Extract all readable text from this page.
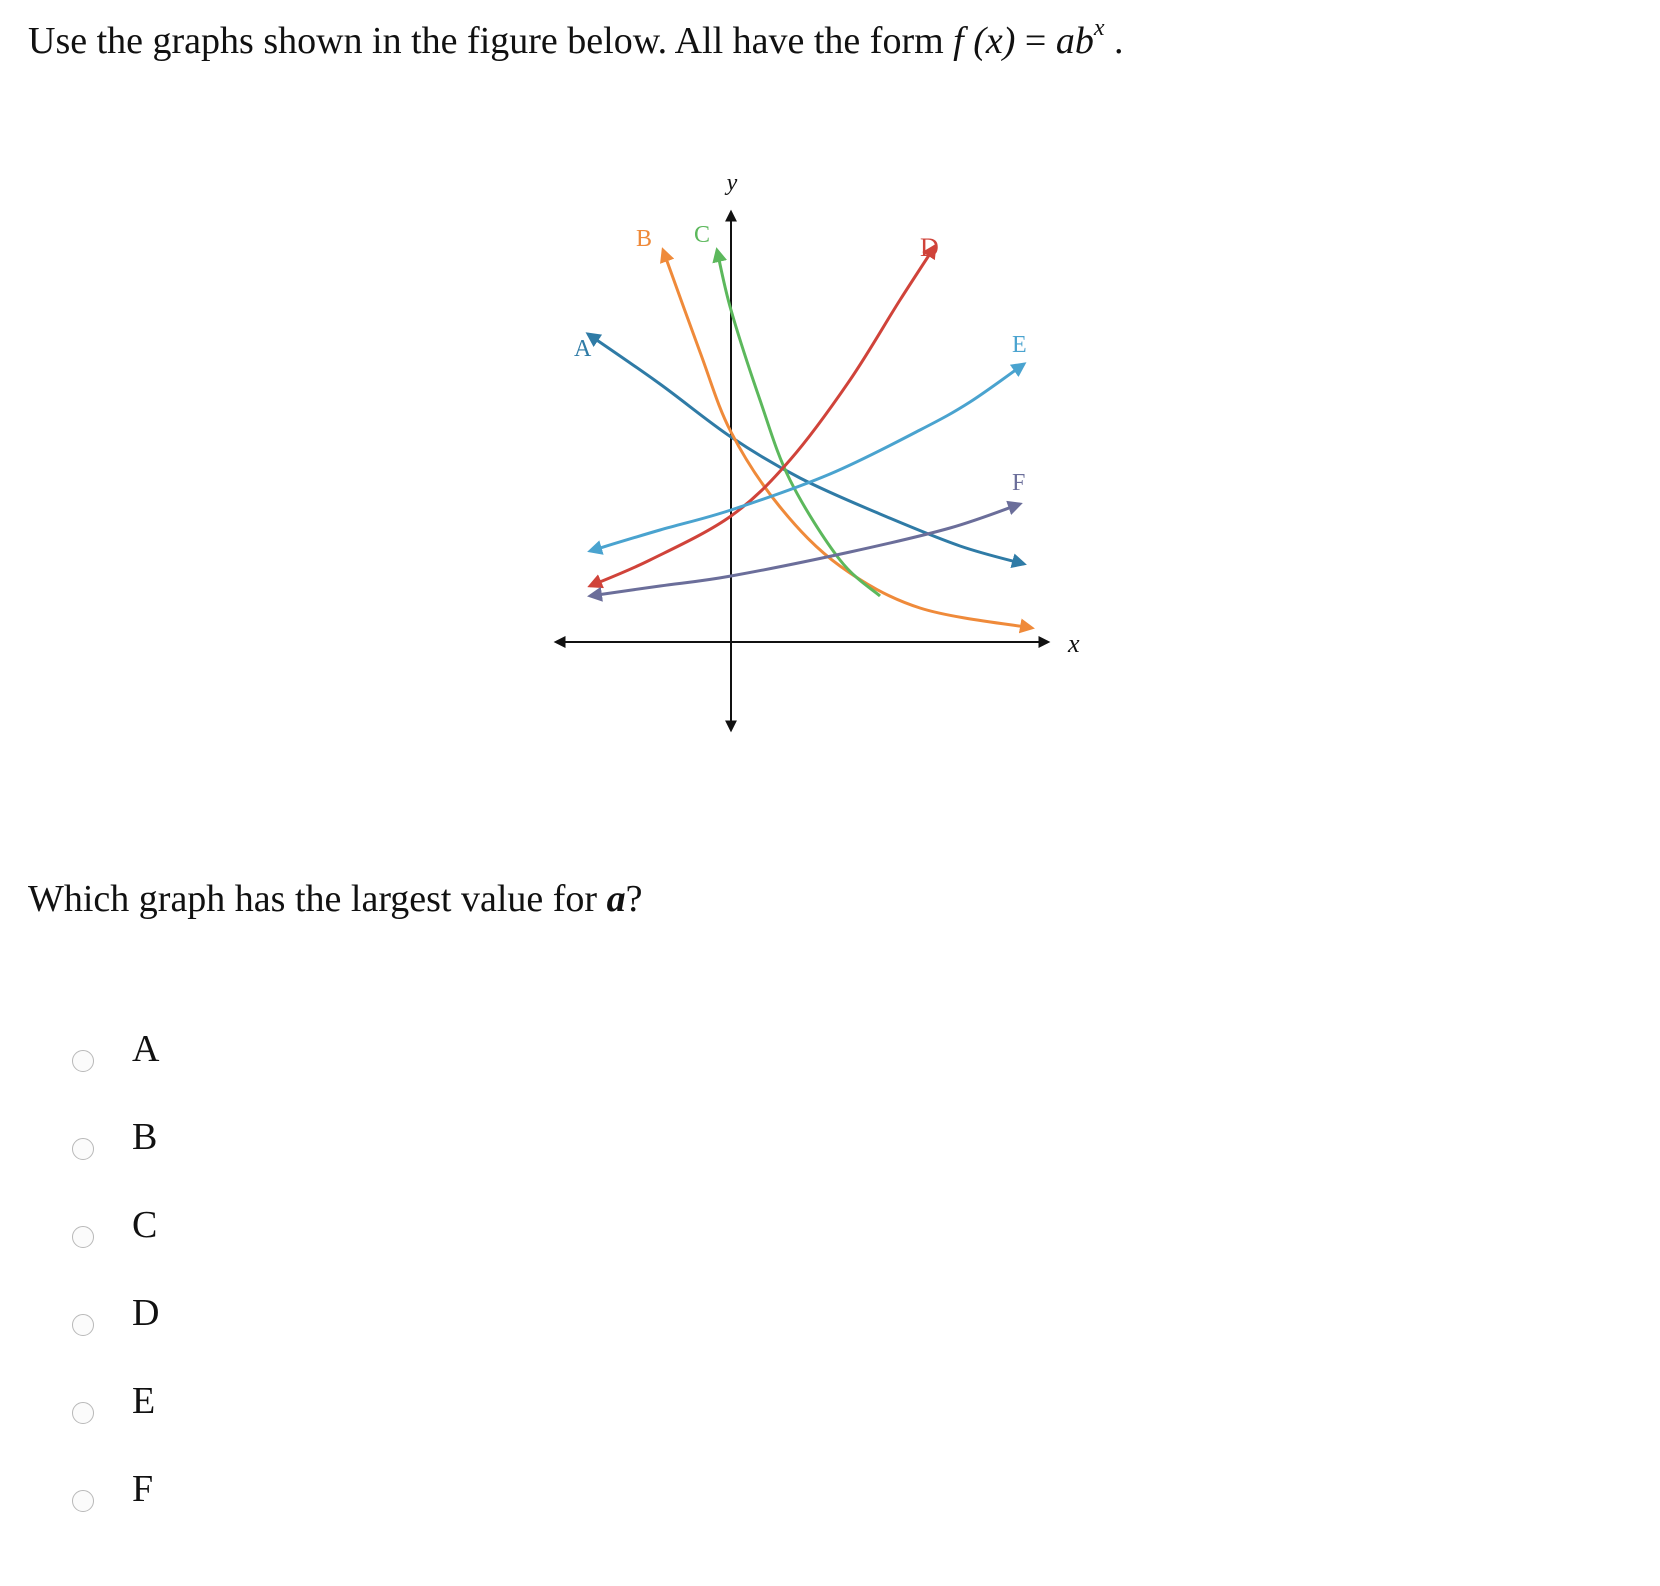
Use the graphs shown in the figure below. All have the form f $(x) = ab^x$ .
x
y
A
B C	D
E
F
Which graph has the largest value for a?
A
B
C
D
E
F
